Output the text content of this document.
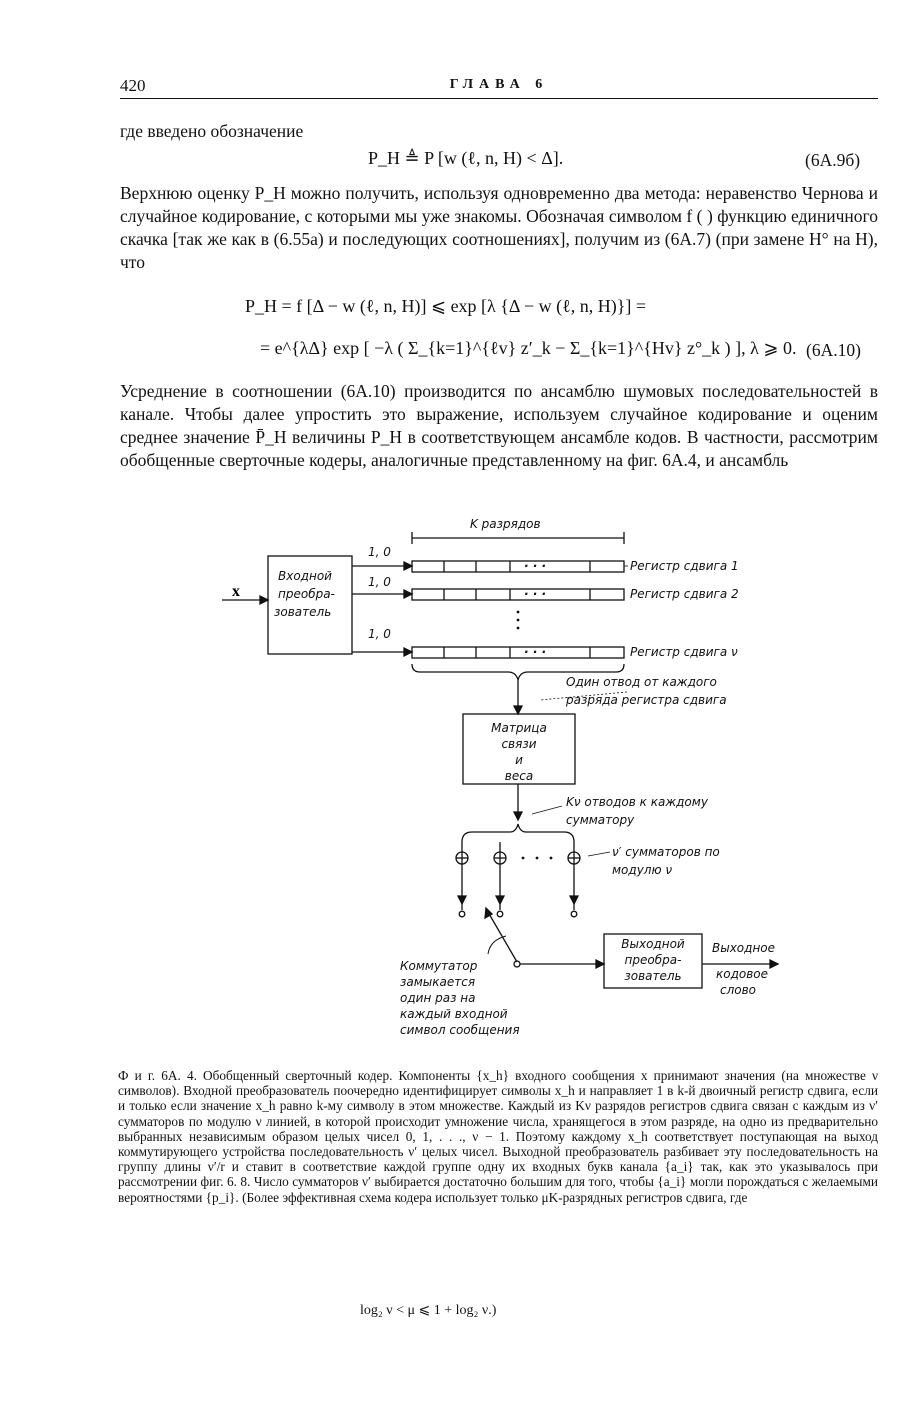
420	ГЛАВА 6
где введено обозначение
P_H ≜ P [w (ℓ, n, H) < Δ].	(6А.9б)
Верхнюю оценку P_H можно получить, используя одновременно два метода: неравенство Чернова и случайное кодирование, с которыми мы уже знакомы. Обозначая символом f ( ) функцию единичного скачка [так же как в (6.55а) и последующих соотношениях], получим из (6А.7) (при замене H° на H), что
P_H = f [Δ − w (ℓ, n, H)] ⩽ exp [λ {Δ − w (ℓ, n, H)}] =
= e^{λΔ} exp [ −λ ( Σ_{k=1}^{ℓv} z′_k − Σ_{k=1}^{Hv} z°_k ) ], λ ⩾ 0. (6А.10)
Усреднение в соотношении (6А.10) производится по ансамблю шумовых последовательностей в канале. Чтобы далее упростить это выражение, используем случайное кодирование и оценим среднее значение P̄_H величины P_H в соответствующем ансамбле кодов. В частности, рассмотрим обобщенные сверточные кодеры, аналогичные представленному на фиг. 6А.4, и ансамбль
· · ·
· · ·
· · ·
K разрядов
x
Входной
преобра-
зователь
1, 0
1, 0
1, 0
Регистр сдвига 1
Регистр сдвига 2
Регистр сдвига ν
Один отвод от каждого
разряда регистра сдвига
Матрица
связи
и
веса
Kν отводов к каждому
сумматору
ν′ сумматоров по
модулю ν
Коммутатор
замыкается
один раз на
каждый входной
символ сообщения
Выходной
преобра-
зователь
Выходное
кодовое
слово
Ф и г. 6А. 4. Обобщенный сверточный кодер. Компоненты {x_h} входного сообщения x принимают значения (на множестве ν символов). Входной преобразователь поочередно идентифицирует символы x_h и направляет 1 в k-й двоичный регистр сдвига, если и только если значение x_h равно k-му символу в этом множестве. Каждый из Kν разрядов регистров сдвига связан с каждым из ν′ сумматоров по модулю ν линией, в которой происходит умножение числа, хранящегося в этом разряде, на одно из предварительно выбранных независимым образом целых чисел 0, 1, . . ., ν − 1. Поэтому каждому x_h соответствует поступающая на выход коммутирующего устройства последовательность ν′ целых чисел. Выходной преобразователь разбивает эту последовательность на группу длины ν′/r и ставит в соответствие каждой группе одну их входных букв канала {a_i} так, как это указывалось при рассмотрении фиг. 6. 8. Число сумматоров ν′ выбирается достаточно большим для того, чтобы {a_i} могли порождаться с желаемыми вероятностями {p_i}. (Более эффективная схема кодера использует только μK-разрядных регистров сдвига, где
log₂ ν < μ ⩽ 1 + log₂ ν.)
